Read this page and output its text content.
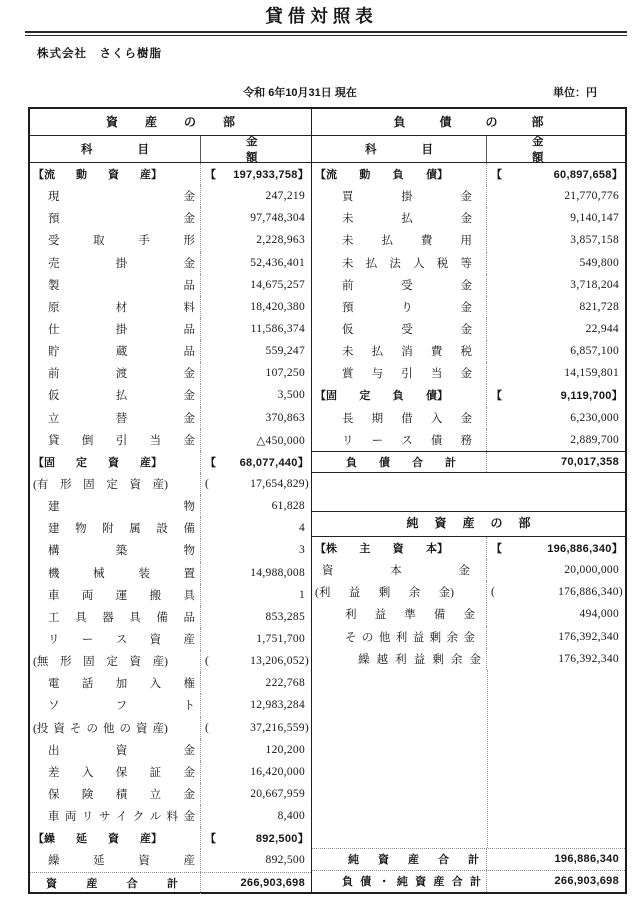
貸借対照表
株式会社　さくら樹脂
令和 6年10月31日 現在	単位：円
資産の部
科目
金額
【流 動 資 産】	【 197,933,758】
現	金	247,219
預	金	97,748,304
受	取	手	形	2,228,963
売	掛	金	52,436,401
製	品	14,675,257
原	材	料	18,420,380
仕	掛	品	11,586,374
貯	蔵	品	559,247
前	渡	金	107,250
仮	払	金	3,500
立	替	金	370,863
貸 倒 引 当 金	△450,000
【固 定 資 産】	【 68,077,440】
(有 形 固 定 資 産)	(	17,654,829)
建	物	61,828
建 物 附 属 設 備	4
構	築	物	3
機	械	装	置	14,988,008
車 両 運 搬 具	1
工 具 器 具 備 品	853,285
リ ー ス 資 産	1,751,700
(無 形 固 定 資 産)	(	13,206,052)
電 話 加 入 権	222,768
ソ	フ	ト	12,983,284
(投 資 そ の 他 の 資 産)	(	37,216,559)
出	資	金	120,200
差 入 保 証 金	16,420,000
保 険 積 立 金	20,667,959
車 両 リ サ イ ク ル 料 金	8,400
【繰 延 資 産】	【	892,500】
繰	延	資	産	892,500
資	産	合	計	266,903,698
負債の部
科目
金額
【流 動 負 債】	【	60,897,658】
買	掛	金	21,770,776
未	払	金	9,140,147
未 払 費 用	3,857,158
未 払 法 人 税 等	549,800
前	受	金	3,718,204
預	り	金	821,728
仮	受	金	22,944
未 払 消 費 税	6,857,100
賞 与 引 当 金	14,159,801
【固 定 負 債】	【	9,119,700】
長 期 借 入 金	6,230,000
リ ー ス 債 務	2,889,700
負 債 合 計	70,017,358
純資産の部
【株 主 資 本】	【	196,886,340】
資	本	金	20,000,000
(利 益 剰 余 金)	(	176,886,340)
利 益 準 備 金	494,000
そ の 他 利 益 剰 余 金	176,392,340
繰 越 利 益 剰 余 金	176,392,340
純 資 産 合 計	196,886,340
負 債 ・ 純 資 産 合 計	266,903,698
